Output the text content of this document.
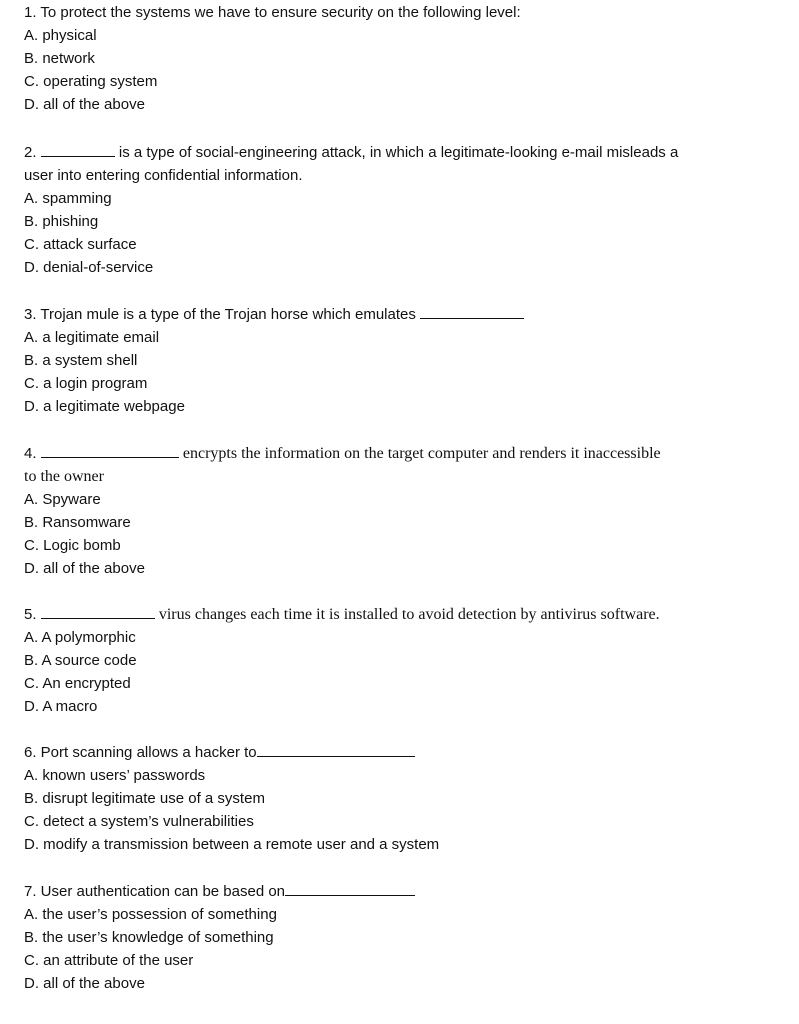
1. To protect the systems we have to ensure security on the following level:
A. physical
B. network
C. operating system
D. all of the above
2.	is a type of social-engineering attack, in which a legitimate-looking e-mail misleads a
user into entering confidential information.
A. spamming
B. phishing
C. attack surface
D. denial-of-service
3. Trojan mule is a type of the Trojan horse which emulates
A. a legitimate email
B. a system shell
C. a login program
D. a legitimate webpage
4.	encrypts the information on the target computer and renders it inaccessible
to the owner
A. Spyware
B. Ransomware
C. Logic bomb
D. all of the above
5.	virus changes each time it is installed to avoid detection by antivirus software.
A. A polymorphic
B. A source code
C. An encrypted
D. A macro
6. Port scanning allows a hacker to
A. known users’ passwords
B. disrupt legitimate use of a system
C. detect a system’s vulnerabilities
D. modify a transmission between a remote user and a system
7. User authentication can be based on
A. the user’s possession of something
B. the user’s knowledge of something
C. an attribute of the user
D. all of the above
